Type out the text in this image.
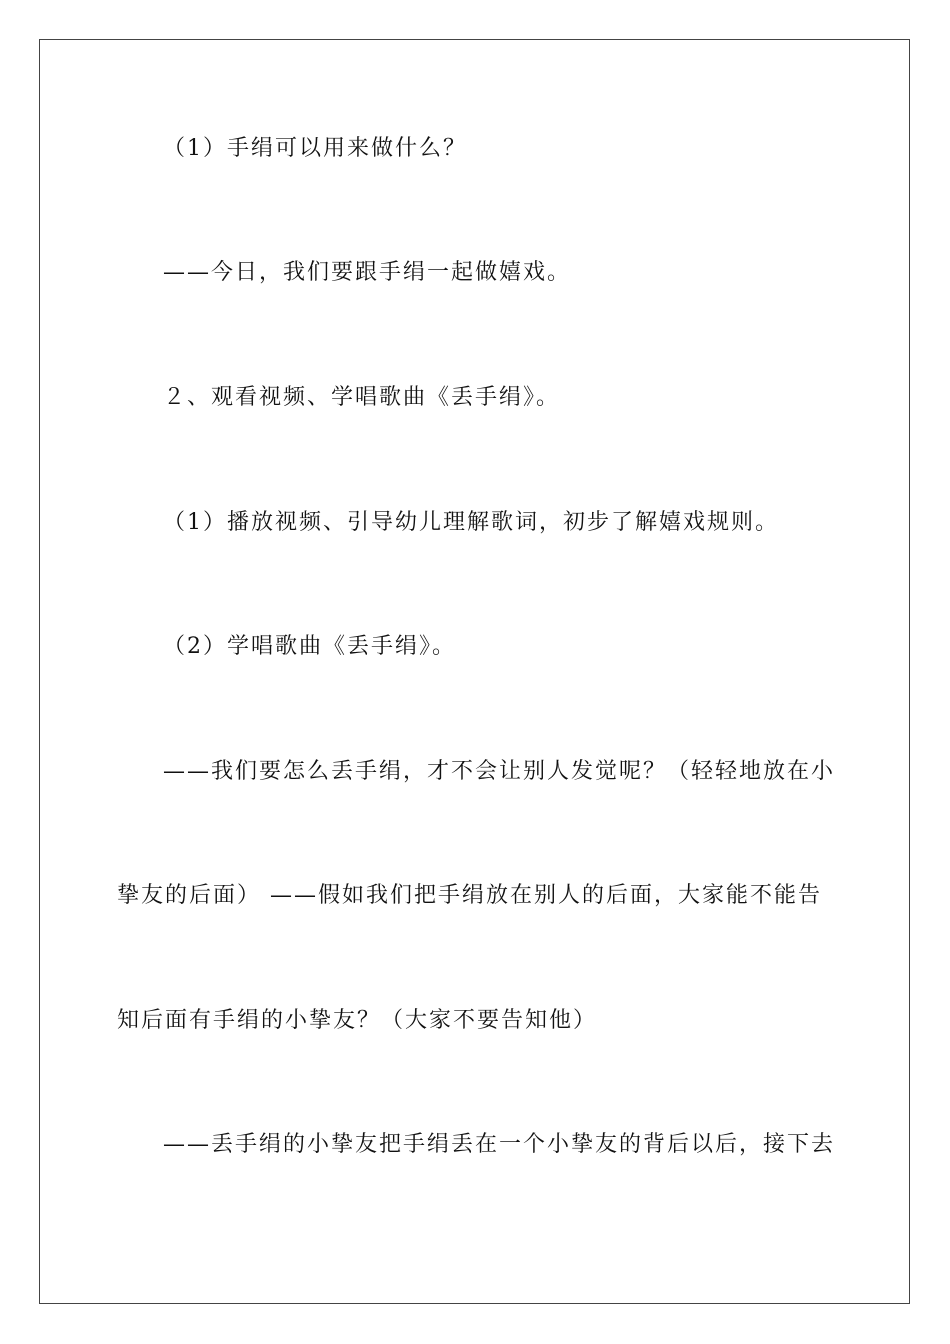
（1）手绢可以用来做什么？
——今日，我们要跟手绢一起做嬉戏。
２、观看视频、学唱歌曲《丢手绢》。
（1）播放视频、引导幼儿理解歌词，初步了解嬉戏规则。
（2）学唱歌曲《丢手绢》。
——我们要怎么丢手绢，才不会让别人发觉呢？（轻轻地放在小
挚友的后面） ——假如我们把手绢放在别人的后面，大家能不能告
知后面有手绢的小挚友？（大家不要告知他）
——丢手绢的小挚友把手绢丢在一个小挚友的背后以后，接下去
